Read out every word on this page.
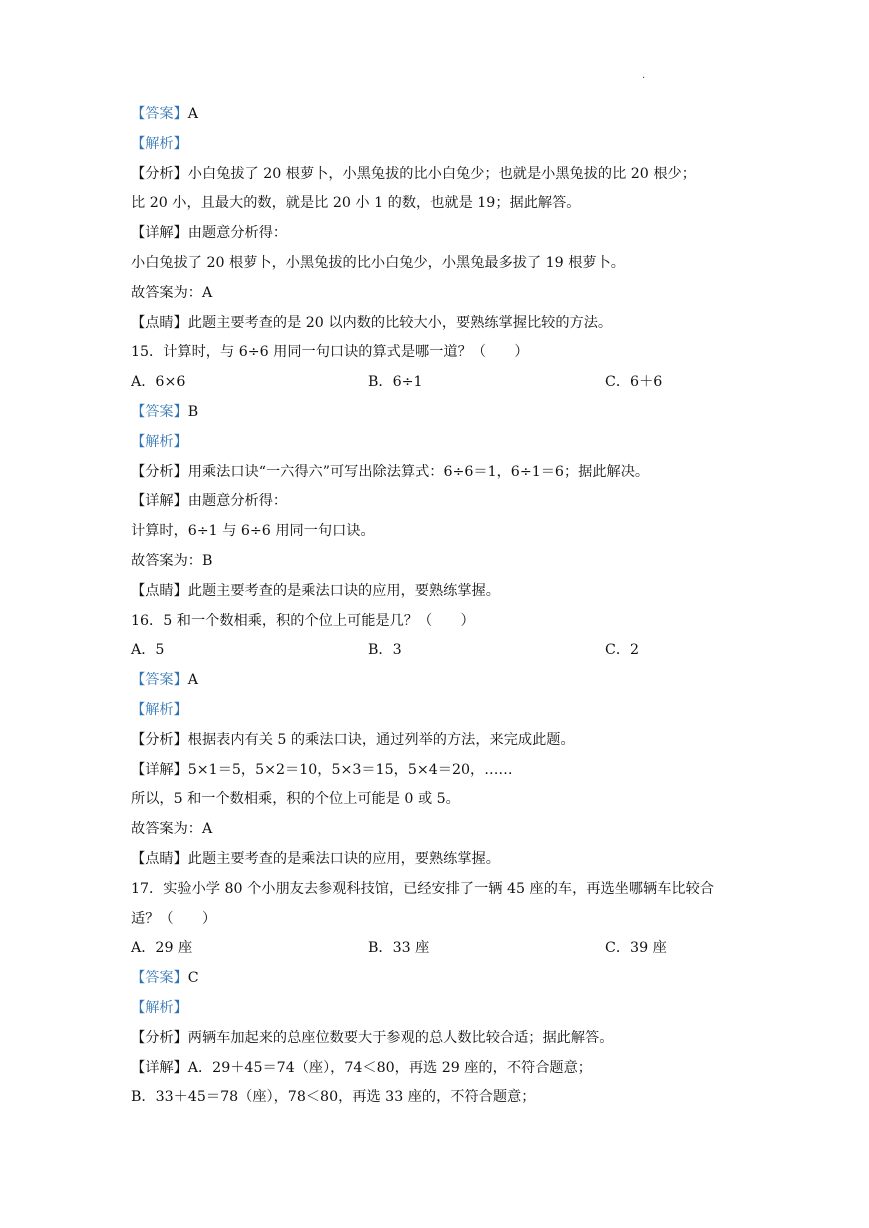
.
【答案】A
【解析】
【分析】小白兔拔了 20 根萝卜，小黑兔拔的比小白兔少；也就是小黑兔拔的比 20 根少；
比 20 小，且最大的数，就是比 20 小 1 的数，也就是 19；据此解答。
【详解】由题意分析得：
小白兔拔了 20 根萝卜，小黑兔拔的比小白兔少，小黑兔最多拔了 19 根萝卜。
故答案为：A
【点睛】此题主要考查的是 20 以内数的比较大小，要熟练掌握比较的方法。
15．计算时，与 6÷6 用同一句口诀的算式是哪一道？（　　）
A．6×6	B．6÷1	C．6＋6
【答案】B
【解析】
【分析】用乘法口诀“一六得六”可写出除法算式：6÷6＝1，6÷1＝6；据此解决。
【详解】由题意分析得：
计算时，6÷1 与 6÷6 用同一句口诀。
故答案为：B
【点睛】此题主要考查的是乘法口诀的应用，要熟练掌握。
16．5 和一个数相乘，积的个位上可能是几？（　　）
A．5	B．3	C．2
【答案】A
【解析】
【分析】根据表内有关 5 的乘法口诀，通过列举的方法，来完成此题。
【详解】5×1＝5，5×2＝10，5×3＝15，5×4＝20，……
所以，5 和一个数相乘，积的个位上可能是 0 或 5。
故答案为：A
【点睛】此题主要考查的是乘法口诀的应用，要熟练掌握。
17．实验小学 80 个小朋友去参观科技馆，已经安排了一辆 45 座的车，再选坐哪辆车比较合
适？（　　）
A．29 座	B．33 座	C．39 座
【答案】C
【解析】
【分析】两辆车加起来的总座位数要大于参观的总人数比较合适；据此解答。
【详解】A．29＋45＝74（座），74＜80，再选 29 座的，不符合题意；
B．33＋45＝78（座），78＜80，再选 33 座的，不符合题意；
